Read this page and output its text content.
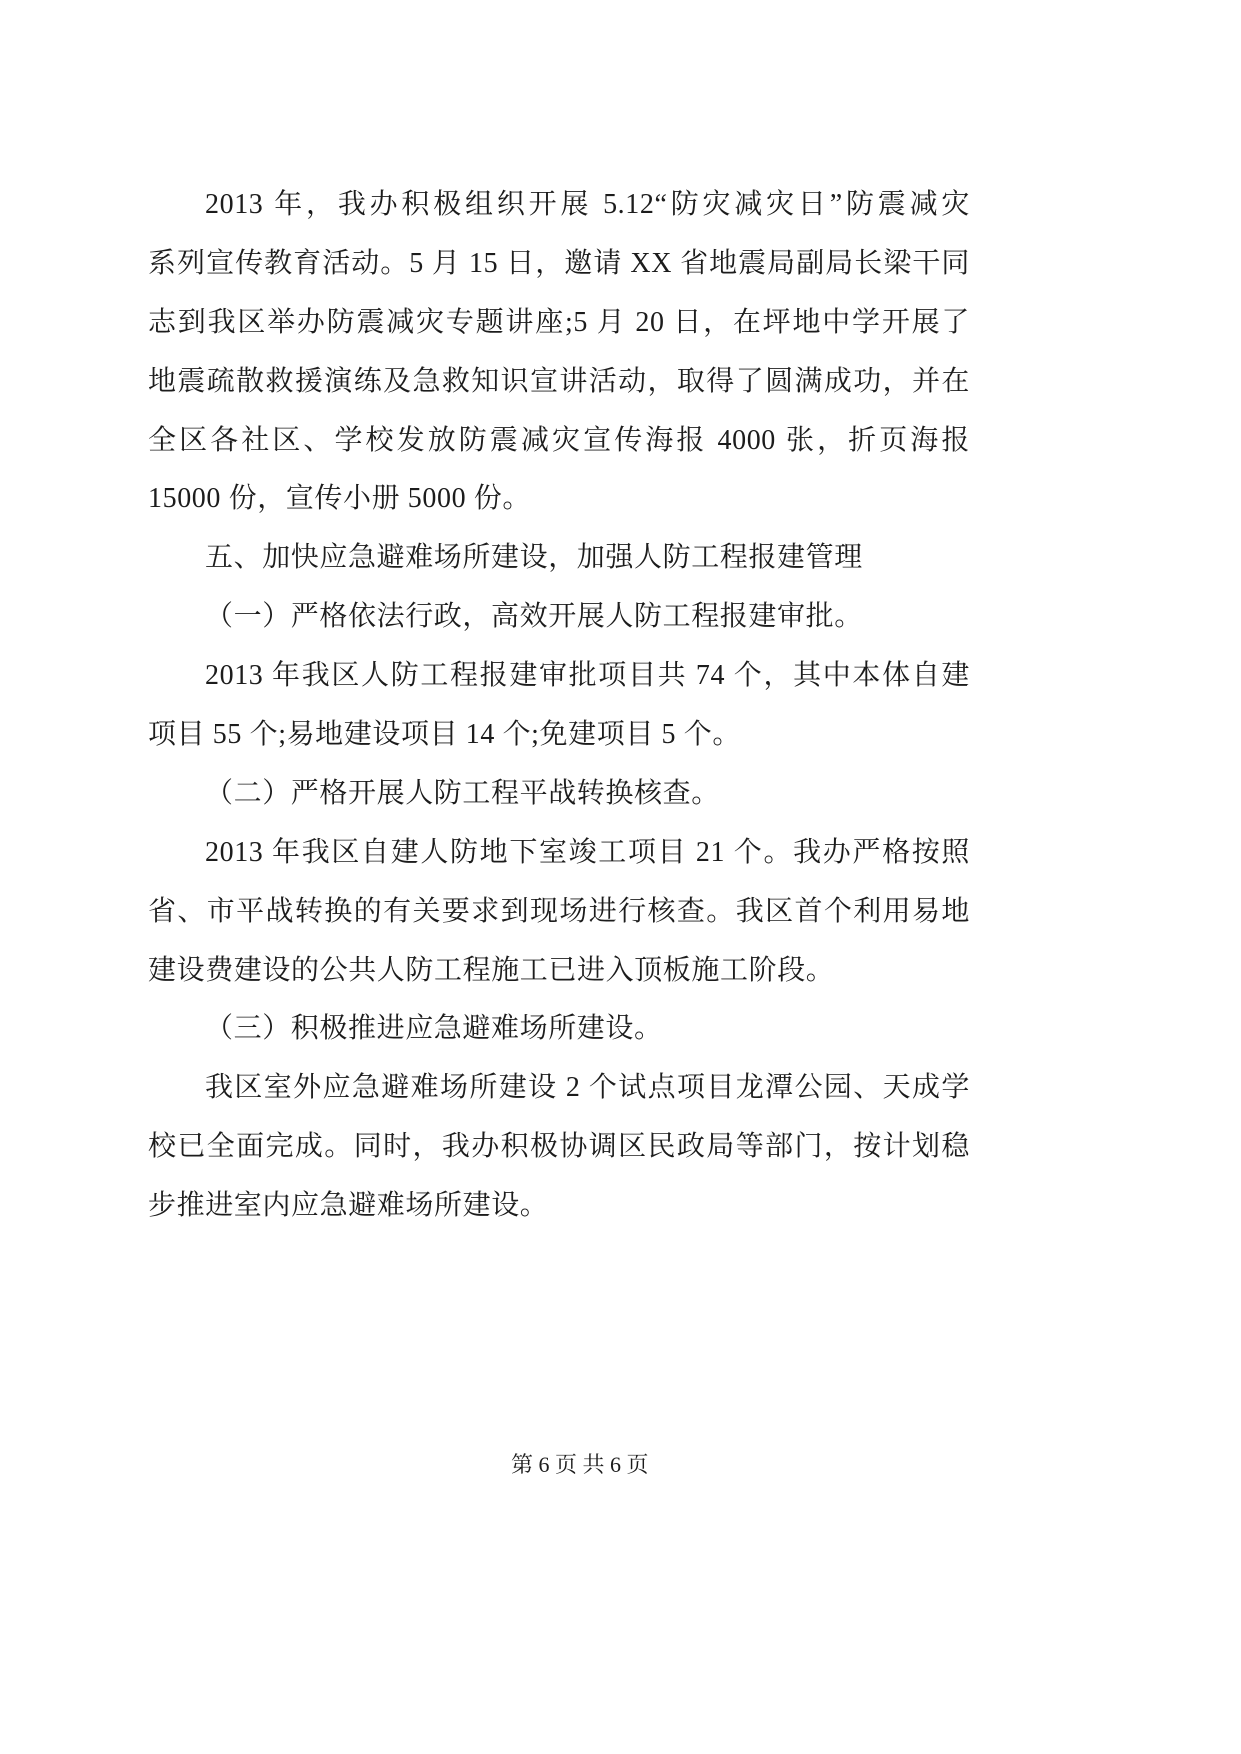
2013 年，我办积极组织开展 5.12“防灾减灾日”防震减灾
系列宣传教育活动。5 月 15 日，邀请 XX 省地震局副局长梁干同
志到我区举办防震减灾专题讲座;5 月 20 日，在坪地中学开展了
地震疏散救援演练及急救知识宣讲活动，取得了圆满成功，并在
全区各社区、学校发放防震减灾宣传海报 4000 张，折页海报
15000 份，宣传小册 5000 份。
五、加快应急避难场所建设，加强人防工程报建管理
（一）严格依法行政，高效开展人防工程报建审批。
2013 年我区人防工程报建审批项目共 74 个，其中本体自建
项目 55 个;易地建设项目 14 个;免建项目 5 个。
（二）严格开展人防工程平战转换核查。
2013 年我区自建人防地下室竣工项目 21 个。我办严格按照
省、市平战转换的有关要求到现场进行核查。我区首个利用易地
建设费建设的公共人防工程施工已进入顶板施工阶段。
（三）积极推进应急避难场所建设。
我区室外应急避难场所建设 2 个试点项目龙潭公园、天成学
校已全面完成。同时，我办积极协调区民政局等部门，按计划稳
步推进室内应急避难场所建设。
第 6 页 共 6 页
